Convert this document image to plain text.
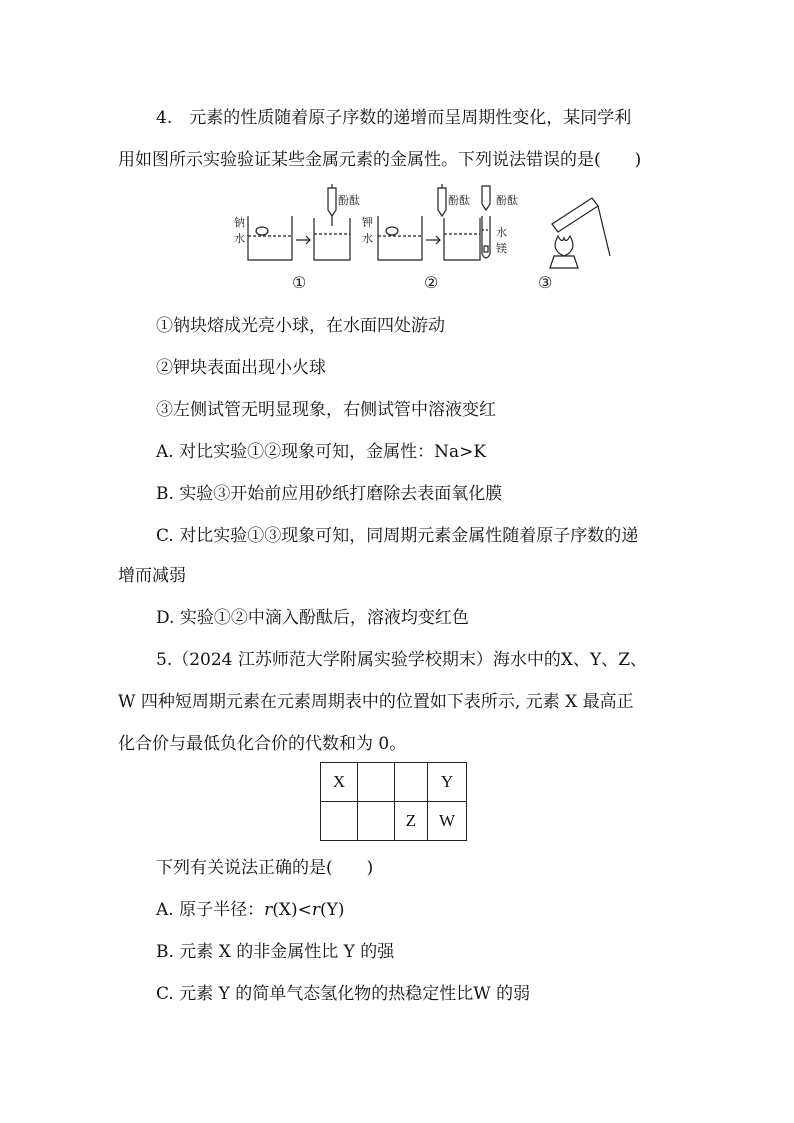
4.　元素的性质随着原子序数的递增而呈周期性变化，某同学利
用如图所示实验验证某些金属元素的金属性。下列说法错误的是(　　)
钠
水
酚酞
钾
水
酚酞 酚酞
水
镁
①	②	③
①钠块熔成光亮小球，在水面四处游动
②钾块表面出现小火球
③左侧试管无明显现象，右侧试管中溶液变红
A. 对比实验①②现象可知，金属性：Na>K
B. 实验③开始前应用砂纸打磨除去表面氧化膜
C. 对比实验①③现象可知，同周期元素金属性随着原子序数的递
增而减弱
D. 实验①②中滴入酚酞后，溶液均变红色
5.（2024 江苏师范大学附属实验学校期末）海水中的X、Y、Z、
W 四种短周期元素在元素周期表中的位置如下表所示, 元素 X 最高正
化合价与最低负化合价的代数和为 0。
X			Y
		Z	W
下列有关说法正确的是(　　)
A. 原子半径：r(X)<r(Y)
B. 元素 X 的非金属性比 Y 的强
C. 元素 Y 的简单气态氢化物的热稳定性比W 的弱
